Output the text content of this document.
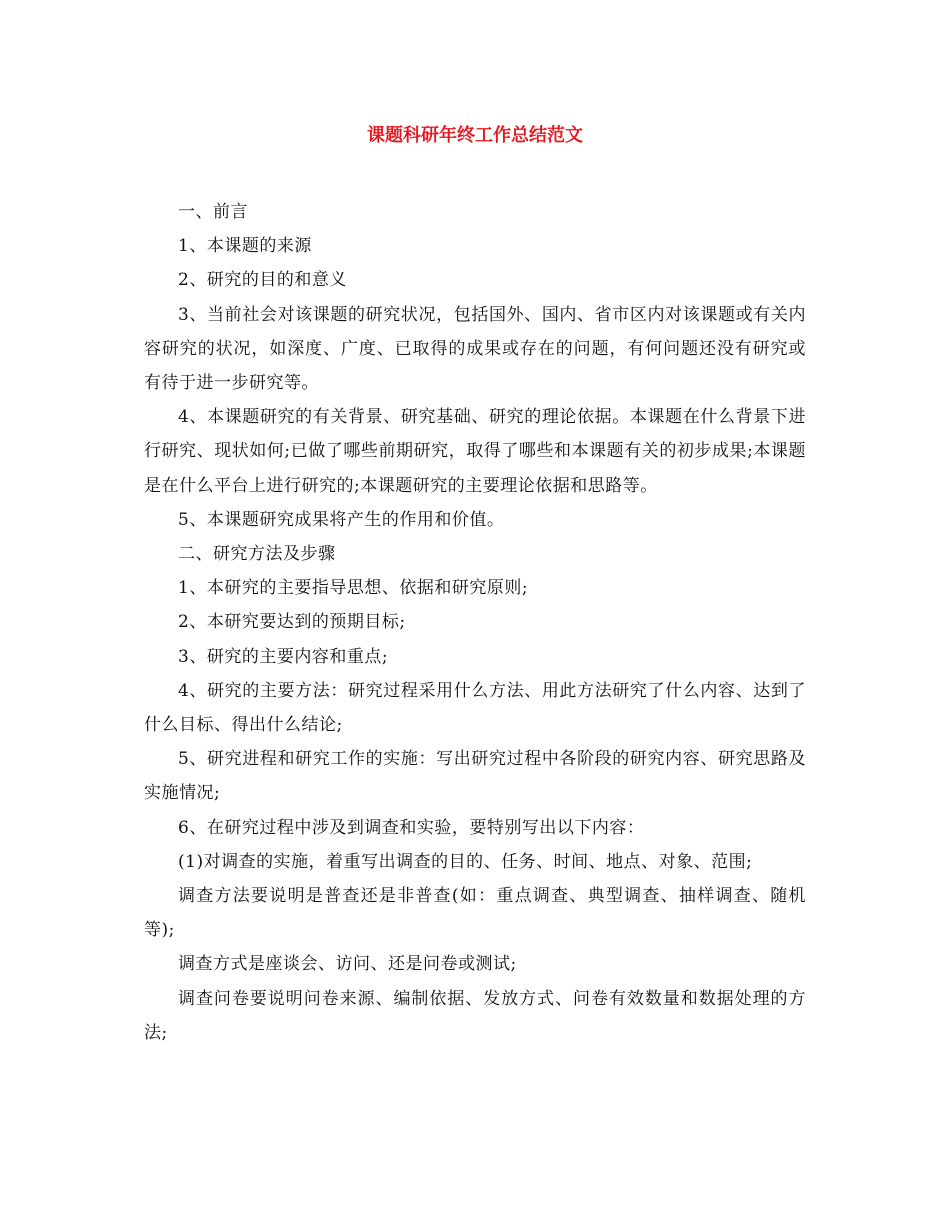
课题科研年终工作总结范文

一、前言

1、本课题的来源

2、研究的目的和意义

3、当前社会对该课题的研究状况，包括国外、国内、省市区内对该课题或有关内容研究的状况，如深度、广度、已取得的成果或存在的问题，有何问题还没有研究或有待于进一步研究等。

4、本课题研究的有关背景、研究基础、研究的理论依据。本课题在什么背景下进行研究、现状如何;已做了哪些前期研究，取得了哪些和本课题有关的初步成果;本课题是在什么平台上进行研究的;本课题研究的主要理论依据和思路等。

5、本课题研究成果将产生的作用和价值。

二、研究方法及步骤

1、本研究的主要指导思想、依据和研究原则;

2、本研究要达到的预期目标;

3、研究的主要内容和重点;

4、研究的主要方法：研究过程采用什么方法、用此方法研究了什么内容、达到了什么目标、得出什么结论;

5、研究进程和研究工作的实施：写出研究过程中各阶段的研究内容、研究思路及实施情况;

6、在研究过程中涉及到调查和实验，要特别写出以下内容：

(1)对调查的实施，着重写出调查的目的、任务、时间、地点、对象、范围;

调查方法要说明是普查还是非普查(如：重点调查、典型调查、抽样调查、随机等);

调查方式是座谈会、访问、还是问卷或测试;

调查问卷要说明问卷来源、编制依据、发放方式、问卷有效数量和数据处理的方法;
